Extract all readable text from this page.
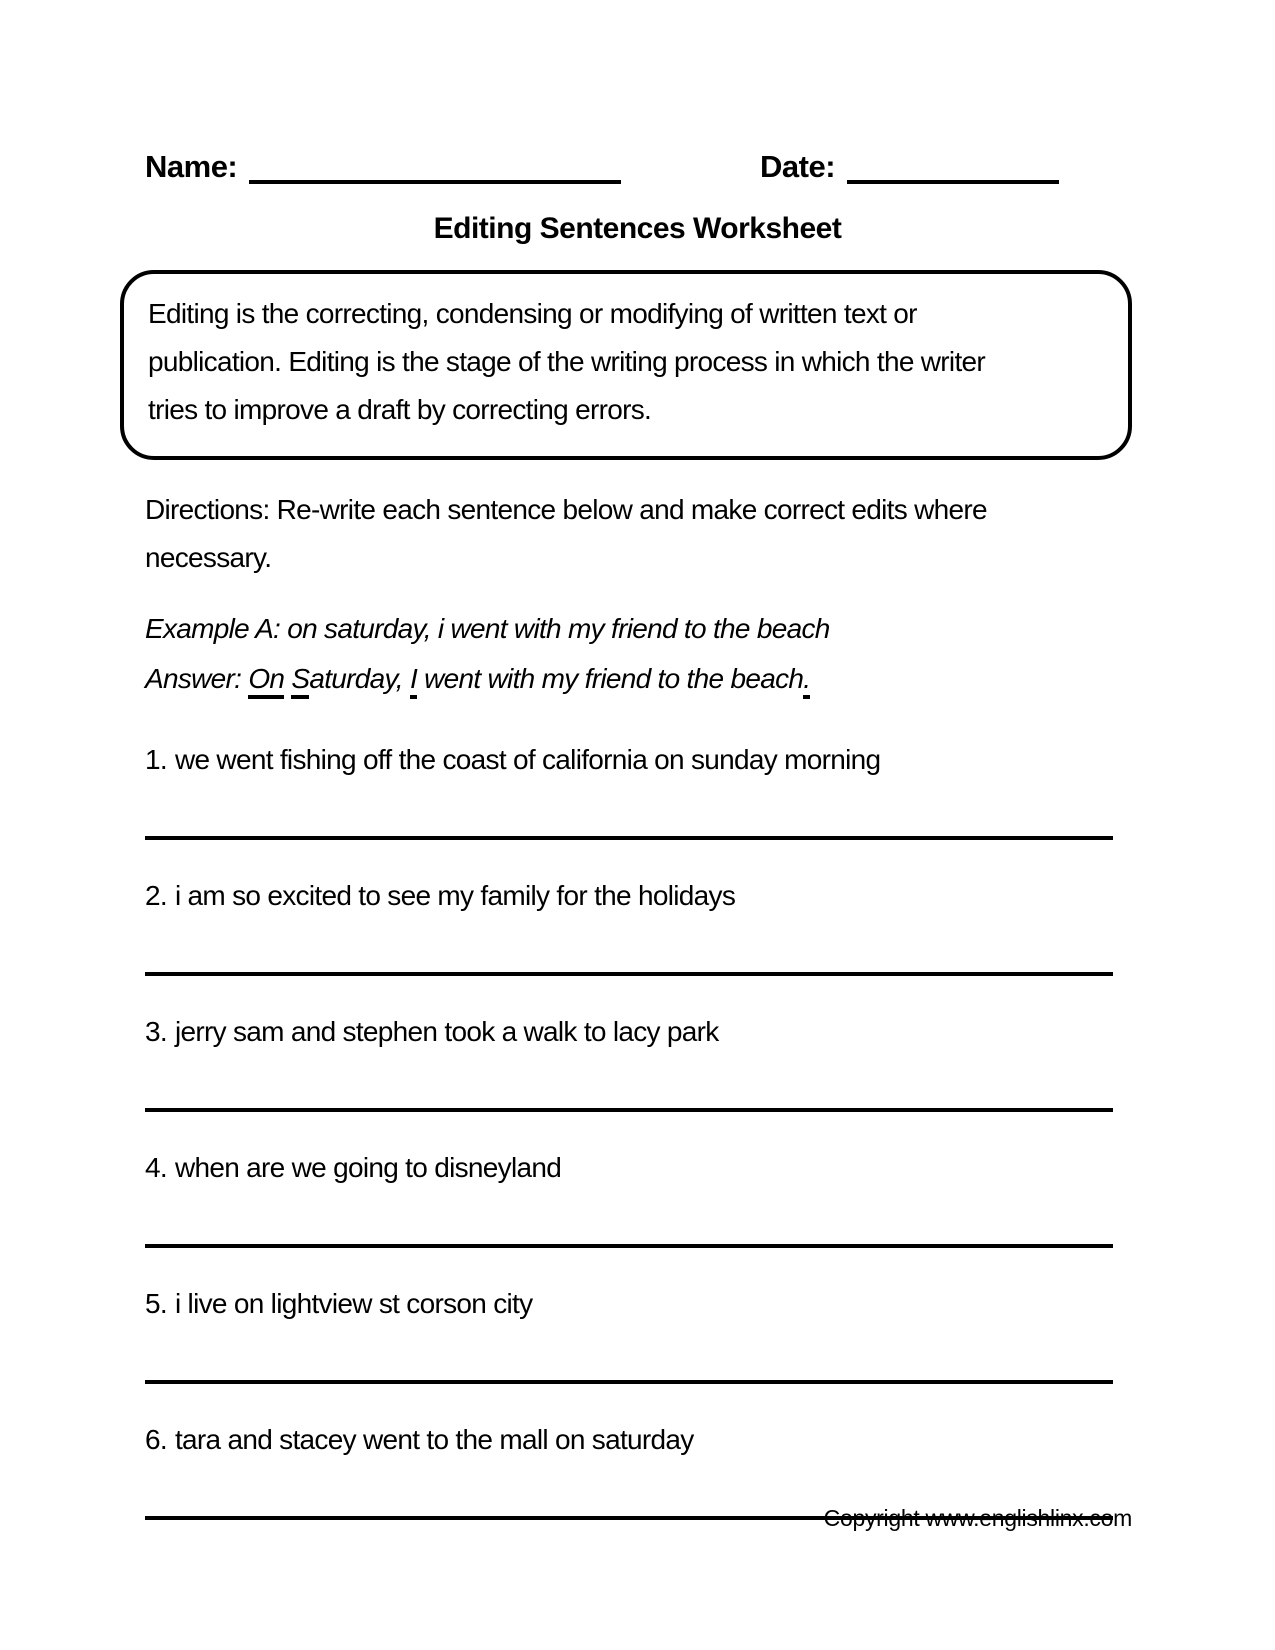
Name:	Date:
Editing Sentences Worksheet
Editing is the correcting, condensing or modifying of written text or
publication. Editing is the stage of the writing process in which the writer
tries to improve a draft by correcting errors.
Directions: Re-write each sentence below and make correct edits where
necessary.
Example A: on saturday, i went with my friend to the beach
Answer: On Saturday, I went with my friend to the beach.
1. we went fishing off the coast of california on sunday morning
2. i am so excited to see my family for the holidays
3. jerry sam and stephen took a walk to lacy park
4. when are we going to disneyland
5. i live on lightview st corson city
6. tara and stacey went to the mall on saturday
Copyright www.englishlinx.com
